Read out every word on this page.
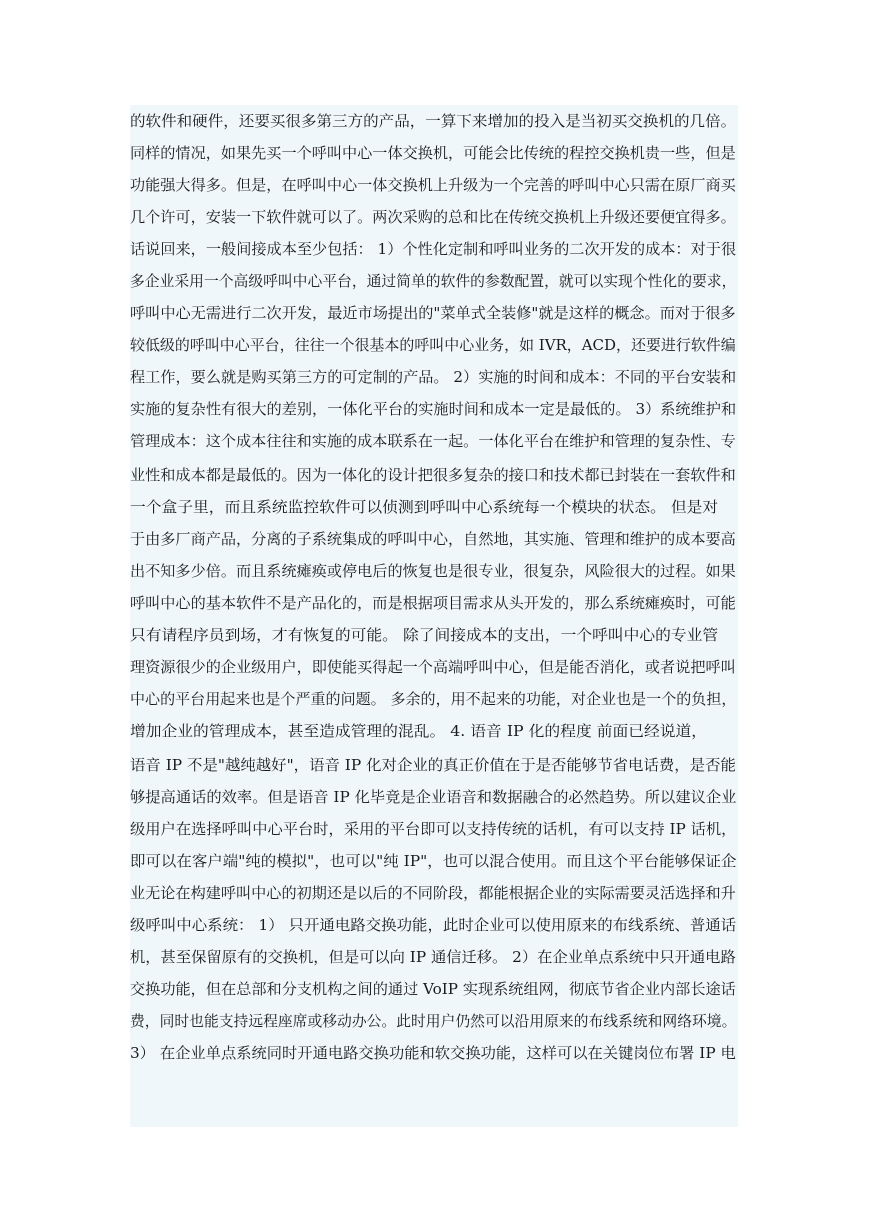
的软件和硬件，还要买很多第三方的产品，一算下来增加的投入是当初买交换机的几倍。
同样的情况，如果先买一个呼叫中心一体交换机，可能会比传统的程控交换机贵一些，但是
功能强大得多。但是，在呼叫中心一体交换机上升级为一个完善的呼叫中心只需在原厂商买
几个许可，安装一下软件就可以了。两次采购的总和比在传统交换机上升级还要便宜得多。
话说回来，一般间接成本至少包括： 1）个性化定制和呼叫业务的二次开发的成本：对于很
多企业采用一个高级呼叫中心平台，通过简单的软件的参数配置，就可以实现个性化的要求，
呼叫中心无需进行二次开发，最近市场提出的"菜单式全装修"就是这样的概念。而对于很多
较低级的呼叫中心平台，往往一个很基本的呼叫中心业务，如 IVR，ACD，还要进行软件编
程工作，要么就是购买第三方的可定制的产品。 2）实施的时间和成本：不同的平台安装和
实施的复杂性有很大的差别，一体化平台的实施时间和成本一定是最低的。 3）系统维护和
管理成本：这个成本往往和实施的成本联系在一起。一体化平台在维护和管理的复杂性、专
业性和成本都是最低的。因为一体化的设计把很多复杂的接口和技术都已封装在一套软件和
一个盒子里，而且系统监控软件可以侦测到呼叫中心系统每一个模块的状态。 但是对
于由多厂商产品，分离的子系统集成的呼叫中心，自然地，其实施、管理和维护的成本要高
出不知多少倍。而且系统瘫痪或停电后的恢复也是很专业，很复杂，风险很大的过程。如果
呼叫中心的基本软件不是产品化的，而是根据项目需求从头开发的，那么系统瘫痪时，可能
只有请程序员到场，才有恢复的可能。 除了间接成本的支出，一个呼叫中心的专业管
理资源很少的企业级用户，即使能买得起一个高端呼叫中心，但是能否消化，或者说把呼叫
中心的平台用起来也是个严重的问题。 多余的，用不起来的功能，对企业也是一个的负担，
增加企业的管理成本，甚至造成管理的混乱。 4. 语音 IP 化的程度 前面已经说道，
语音 IP 不是"越纯越好"，语音 IP 化对企业的真正价值在于是否能够节省电话费，是否能
够提高通话的效率。但是语音 IP 化毕竟是企业语音和数据融合的必然趋势。所以建议企业
级用户在选择呼叫中心平台时，采用的平台即可以支持传统的话机，有可以支持 IP 话机，
即可以在客户端"纯的模拟"，也可以"纯 IP"，也可以混合使用。而且这个平台能够保证企
业无论在构建呼叫中心的初期还是以后的不同阶段，都能根据企业的实际需要灵活选择和升
级呼叫中心系统： 1） 只开通电路交换功能，此时企业可以使用原来的布线系统、普通话
机，甚至保留原有的交换机，但是可以向 IP 通信迁移。 2）在企业单点系统中只开通电路
交换功能，但在总部和分支机构之间的通过 VoIP 实现系统组网，彻底节省企业内部长途话
费，同时也能支持远程座席或移动办公。此时用户仍然可以沿用原来的布线系统和网络环境。
3） 在企业单点系统同时开通电路交换功能和软交换功能，这样可以在关键岗位布署 IP 电
